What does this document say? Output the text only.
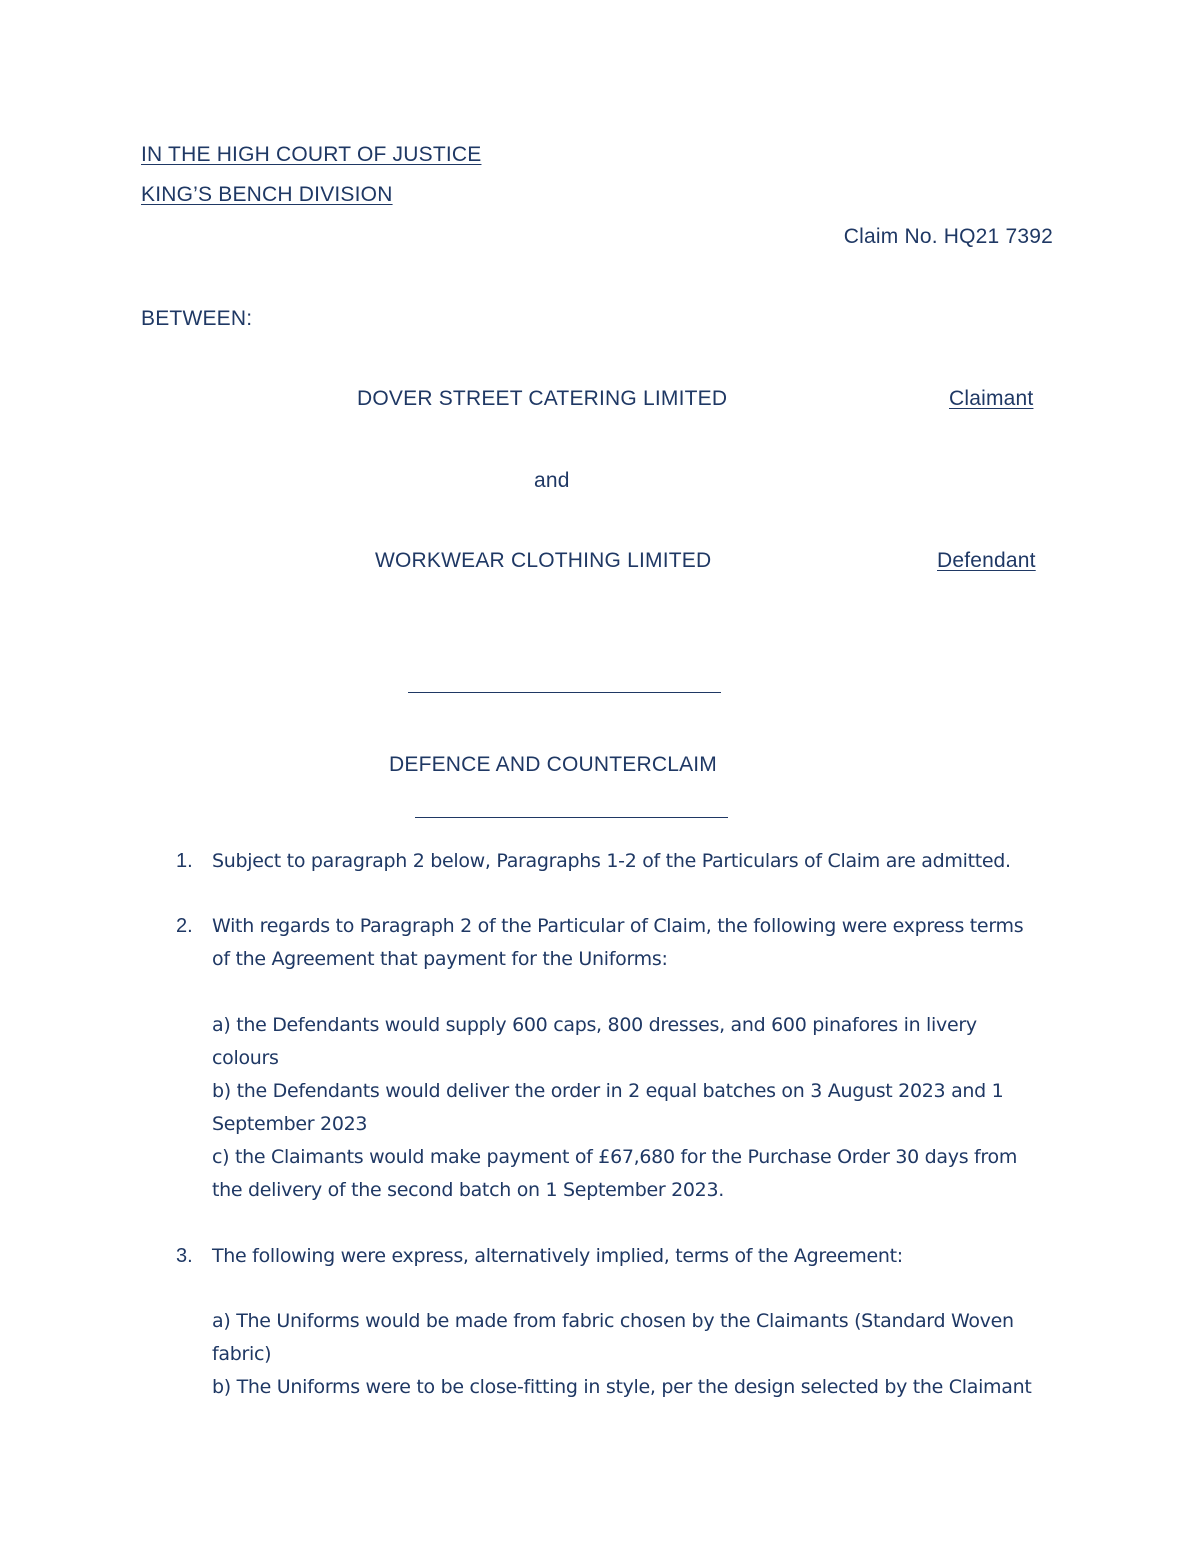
IN THE HIGH COURT OF JUSTICE
KING’S BENCH DIVISION
Claim No. HQ21 7392
BETWEEN:
DOVER STREET CATERING LIMITED	Claimant
and
WORKWEAR CLOTHING LIMITED	Defendant
DEFENCE AND COUNTERCLAIM
1. Subject to paragraph 2 below, Paragraphs 1-2 of the Particulars of Claim are admitted.
2. With regards to Paragraph 2 of the Particular of Claim, the following were express terms
of the Agreement that payment for the Uniforms:
a) the Defendants would supply 600 caps, 800 dresses, and 600 pinafores in livery
colours
b) the Defendants would deliver the order in 2 equal batches on 3 August 2023 and 1
September 2023
c) the Claimants would make payment of £67,680 for the Purchase Order 30 days from
the delivery of the second batch on 1 September 2023.
3. The following were express, alternatively implied, terms of the Agreement:
a) The Uniforms would be made from fabric chosen by the Claimants (Standard Woven
fabric)
b) The Uniforms were to be close-fitting in style, per the design selected by the Claimant
